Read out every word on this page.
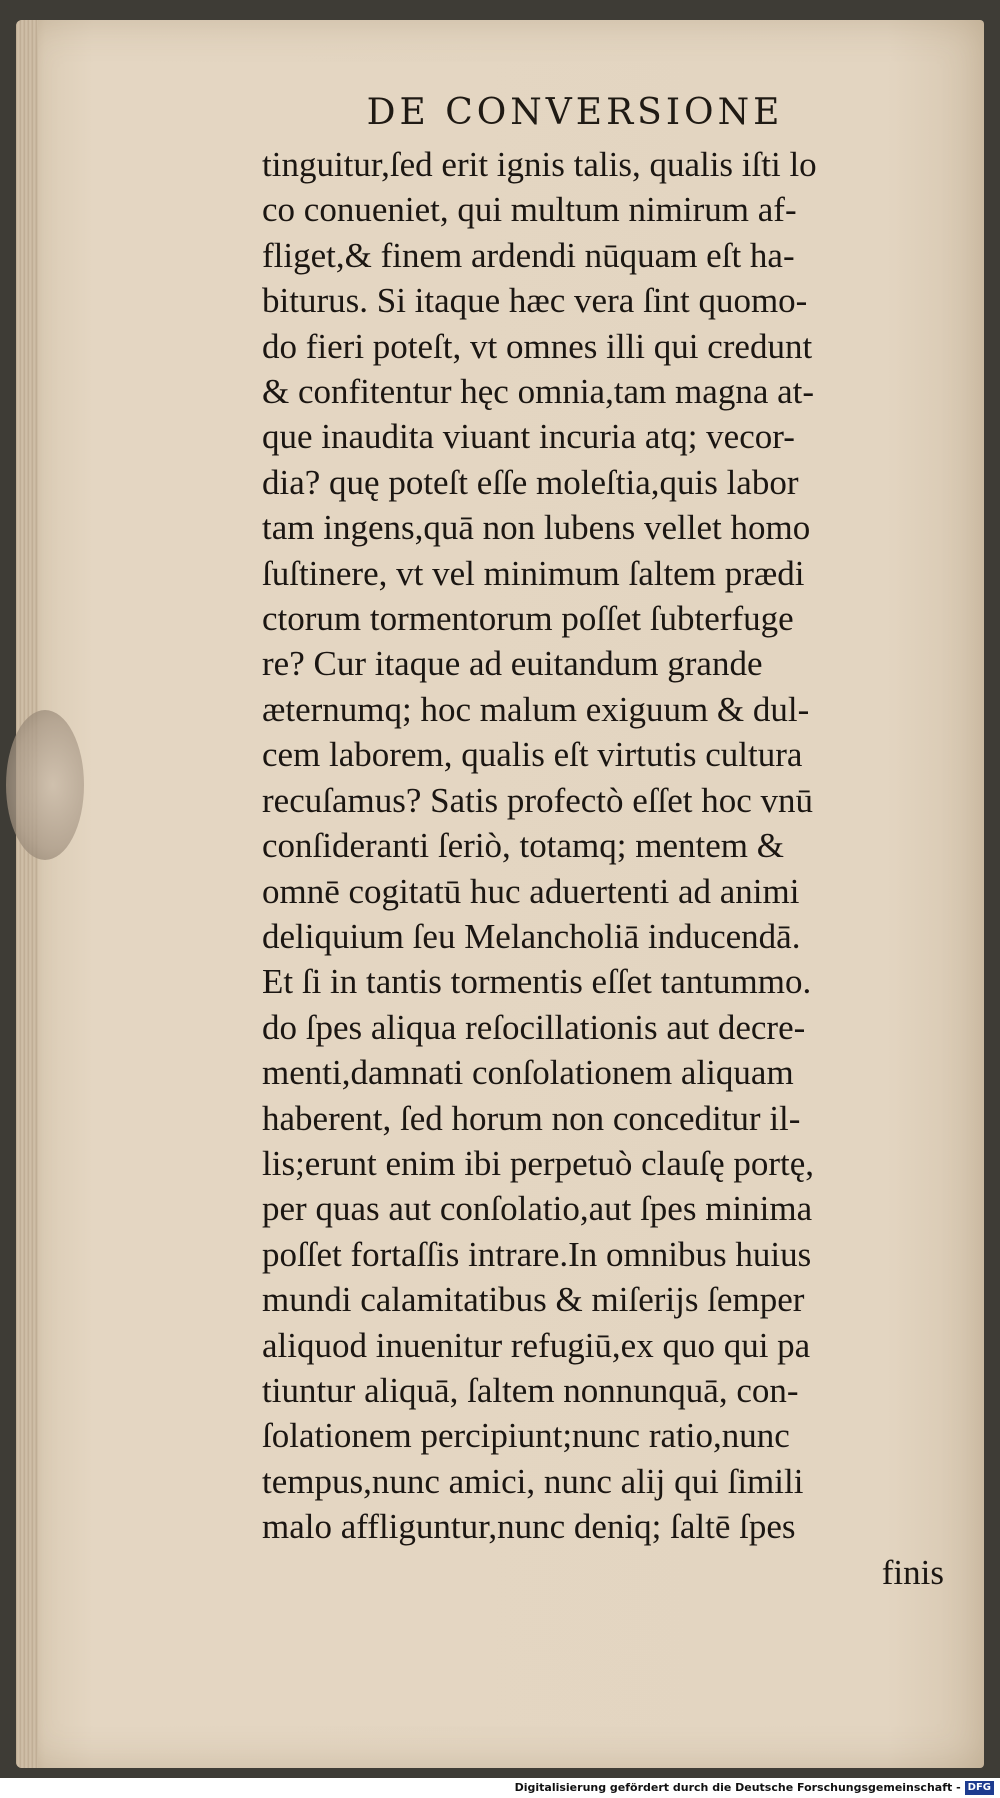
DE CONVERSIONE
tinguitur,ſed erit ignis talis, qualis iſti lo
co conueniet, qui multum nimirum af-
fliget,& finem ardendi nūquam eſt ha-
biturus. Si itaque hæc vera ſint quomo-
do fieri poteſt, vt omnes illi qui credunt
& confitentur hęc omnia,tam magna at-
que inaudita viuant incuria atq; vecor-
dia? quę poteſt eſſe moleſtia,quis labor
tam ingens,quā non lubens vellet homo
ſuſtinere, vt vel minimum ſaltem prædi
ctorum tormentorum poſſet ſubterfuge
re? Cur itaque ad euitandum grande
æternumq; hoc malum exiguum & dul-
cem laborem, qualis eſt virtutis cultura
recuſamus? Satis profectò eſſet hoc vnū
conſideranti ſeriò, totamq; mentem &
omnē cogitatū huc aduertenti ad animi
deliquium ſeu Melancholiā inducendā.
Et ſi in tantis tormentis eſſet tantummo.
do ſpes aliqua reſocillationis aut decre-
menti,damnati conſolationem aliquam
haberent, ſed horum non conceditur il-
lis;erunt enim ibi perpetuò clauſę portę,
per quas aut conſolatio,aut ſpes minima
poſſet fortaſſis intrare.In omnibus huius
mundi calamitatibus & miſerijs ſemper
aliquod inuenitur refugiū,ex quo qui pa
tiuntur aliquā, ſaltem nonnunquā, con-
ſolationem percipiunt;nunc ratio,nunc
tempus,nunc amici, nunc alij qui ſimili
malo affliguntur,nunc deniq; ſaltē ſpes
finis
Digitalisierung gefördert durch die Deutsche Forschungsgemeinschaft - DFG
